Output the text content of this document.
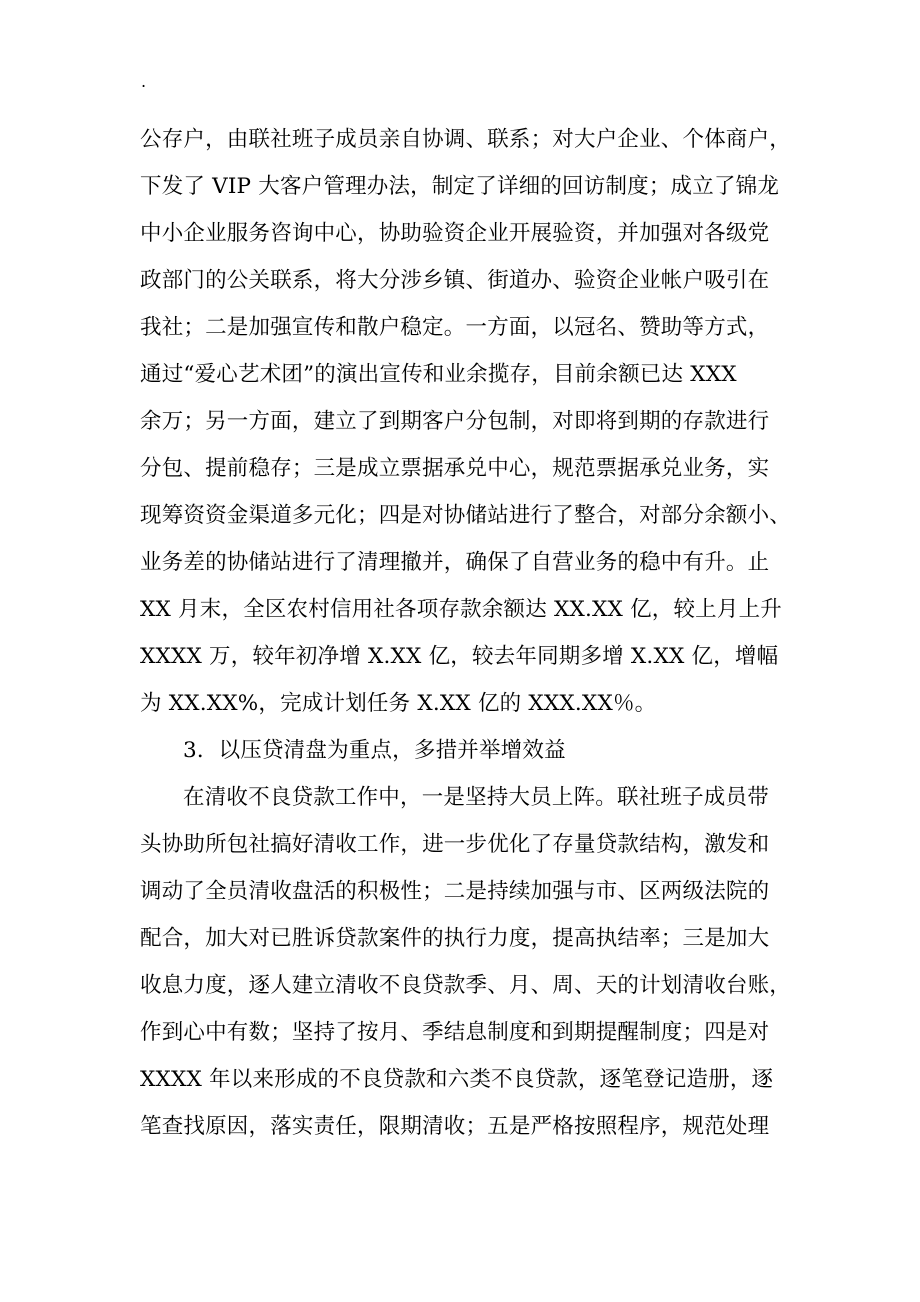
.
公存户，由联社班子成员亲自协调、联系；对大户企业、个体商户，
下发了 VIP 大客户管理办法，制定了详细的回访制度；成立了锦龙
中小企业服务咨询中心，协助验资企业开展验资，并加强对各级党
政部门的公关联系，将大分涉乡镇、街道办、验资企业帐户吸引在
我社；二是加强宣传和散户稳定。一方面，以冠名、赞助等方式，
通过“爱心艺术团”的演出宣传和业余揽存，目前余额已达 XXX
余万；另一方面，建立了到期客户分包制，对即将到期的存款进行
分包、提前稳存；三是成立票据承兑中心，规范票据承兑业务，实
现筹资资金渠道多元化；四是对协储站进行了整合，对部分余额小、
业务差的协储站进行了清理撤并，确保了自营业务的稳中有升。止
XX 月末，全区农村信用社各项存款余额达 XX.XX 亿，较上月上升
XXXX 万，较年初净增 X.XX 亿，较去年同期多增 X.XX 亿，增幅
为 XX.XX%，完成计划任务 X.XX 亿的 XXX.XX％。
3．以压贷清盘为重点，多措并举增效益
在清收不良贷款工作中，一是坚持大员上阵。联社班子成员带
头协助所包社搞好清收工作，进一步优化了存量贷款结构，激发和
调动了全员清收盘活的积极性；二是持续加强与市、区两级法院的
配合，加大对已胜诉贷款案件的执行力度，提高执结率；三是加大
收息力度，逐人建立清收不良贷款季、月、周、天的计划清收台账，
作到心中有数；坚持了按月、季结息制度和到期提醒制度；四是对
XXXX 年以来形成的不良贷款和六类不良贷款，逐笔登记造册，逐
笔查找原因，落实责任，限期清收；五是严格按照程序，规范处理
